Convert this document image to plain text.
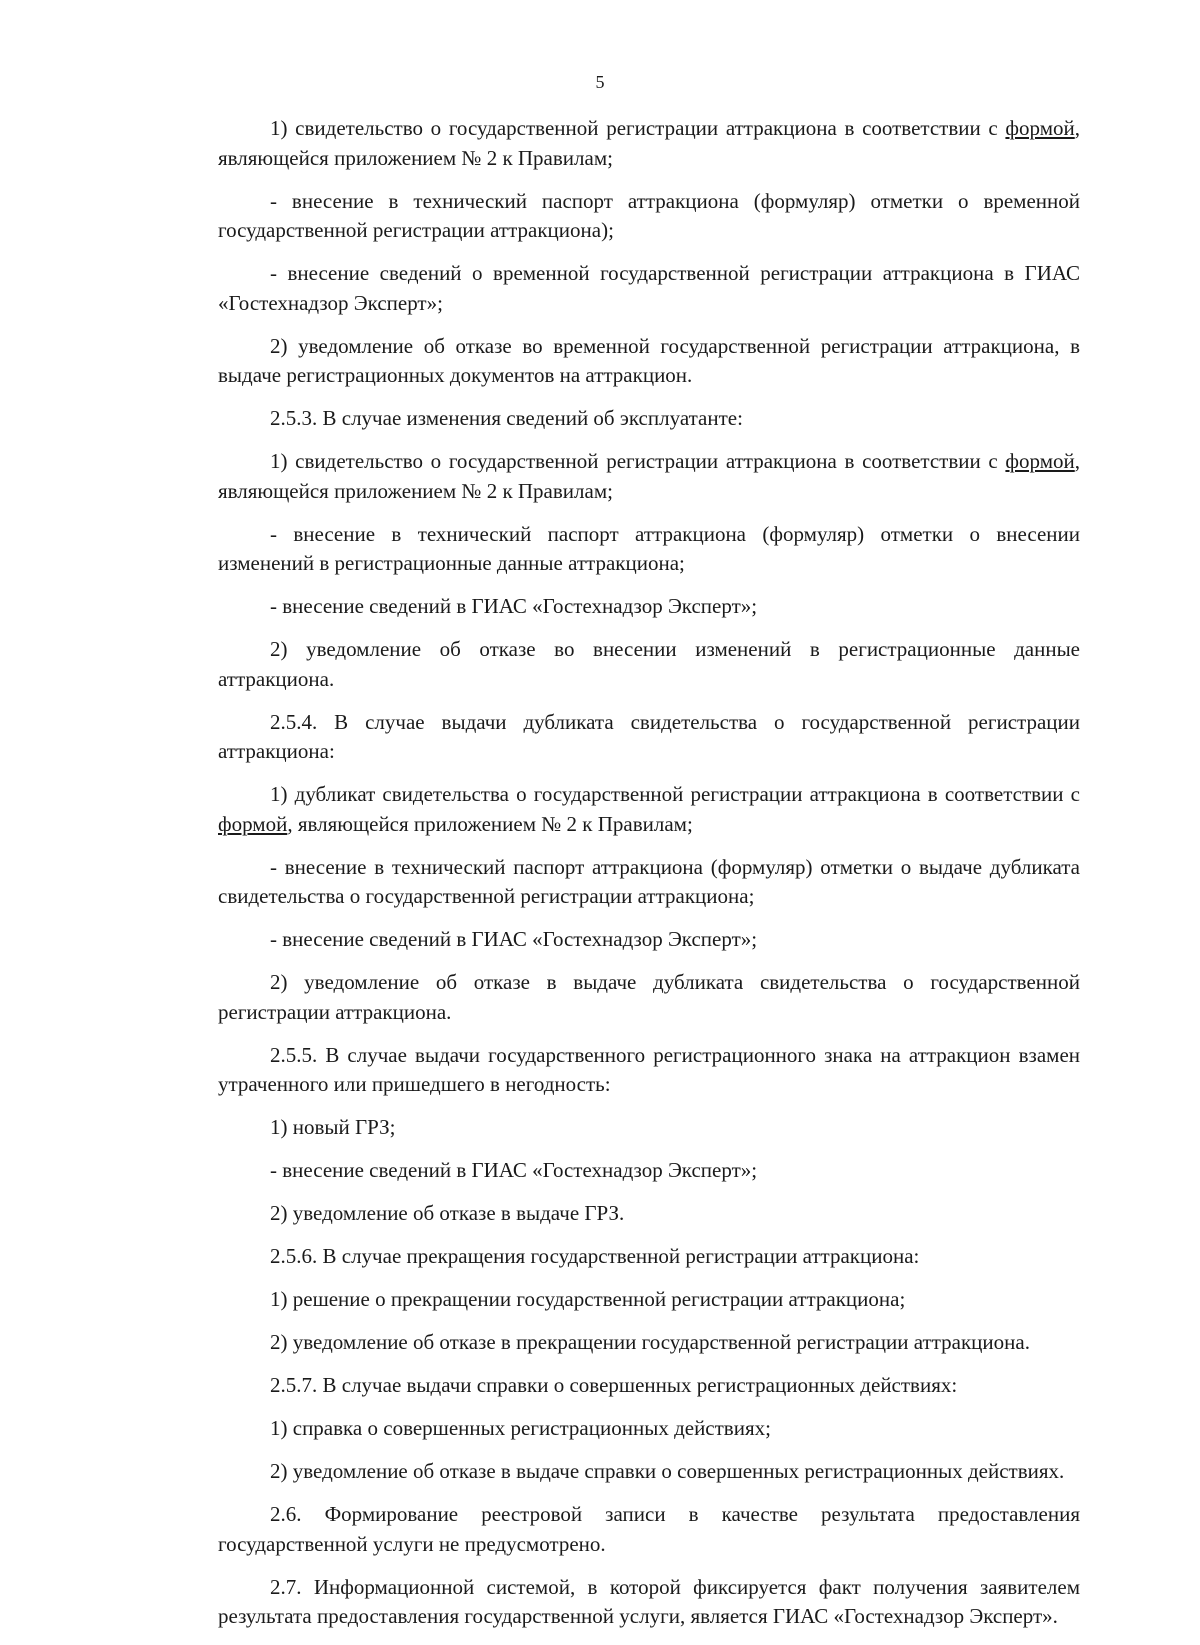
5

1) свидетельство о государственной регистрации аттракциона в соответствии с формой, являющейся приложением № 2 к Правилам;

- внесение в технический паспорт аттракциона (формуляр) отметки о временной государственной регистрации аттракциона);

- внесение сведений о временной государственной регистрации аттракциона в ГИАС «Гостехнадзор Эксперт»;

2) уведомление об отказе во временной государственной регистрации аттракциона, в выдаче регистрационных документов на аттракцион.

2.5.3. В случае изменения сведений об эксплуатанте:

1) свидетельство о государственной регистрации аттракциона в соответствии с формой, являющейся приложением № 2 к Правилам;

- внесение в технический паспорт аттракциона (формуляр) отметки о внесении изменений в регистрационные данные аттракциона;

- внесение сведений в ГИАС «Гостехнадзор Эксперт»;

2) уведомление об отказе во внесении изменений в регистрационные данные аттракциона.

2.5.4. В случае выдачи дубликата свидетельства о государственной регистрации аттракциона:

1) дубликат свидетельства о государственной регистрации аттракциона в соответствии с формой, являющейся приложением № 2 к Правилам;

- внесение в технический паспорт аттракциона (формуляр) отметки о выдаче дубликата свидетельства о государственной регистрации аттракциона;

- внесение сведений в ГИАС «Гостехнадзор Эксперт»;

2) уведомление об отказе в выдаче дубликата свидетельства о государственной регистрации аттракциона.

2.5.5. В случае выдачи государственного регистрационного знака на аттракцион взамен утраченного или пришедшего в негодность:

1) новый ГРЗ;

- внесение сведений в ГИАС «Гостехнадзор Эксперт»;

2) уведомление об отказе в выдаче ГРЗ.

2.5.6. В случае прекращения государственной регистрации аттракциона:

1) решение о прекращении государственной регистрации аттракциона;

2) уведомление об отказе в прекращении государственной регистрации аттракциона.

2.5.7. В случае выдачи справки о совершенных регистрационных действиях:

1) справка о совершенных регистрационных действиях;

2) уведомление об отказе в выдаче справки о совершенных регистрационных действиях.

2.6. Формирование реестровой записи в качестве результата предоставления государственной услуги не предусмотрено.

2.7. Информационной системой, в которой фиксируется факт получения заявителем результата предоставления государственной услуги, является ГИАС «Гостехнадзор Эксперт».
